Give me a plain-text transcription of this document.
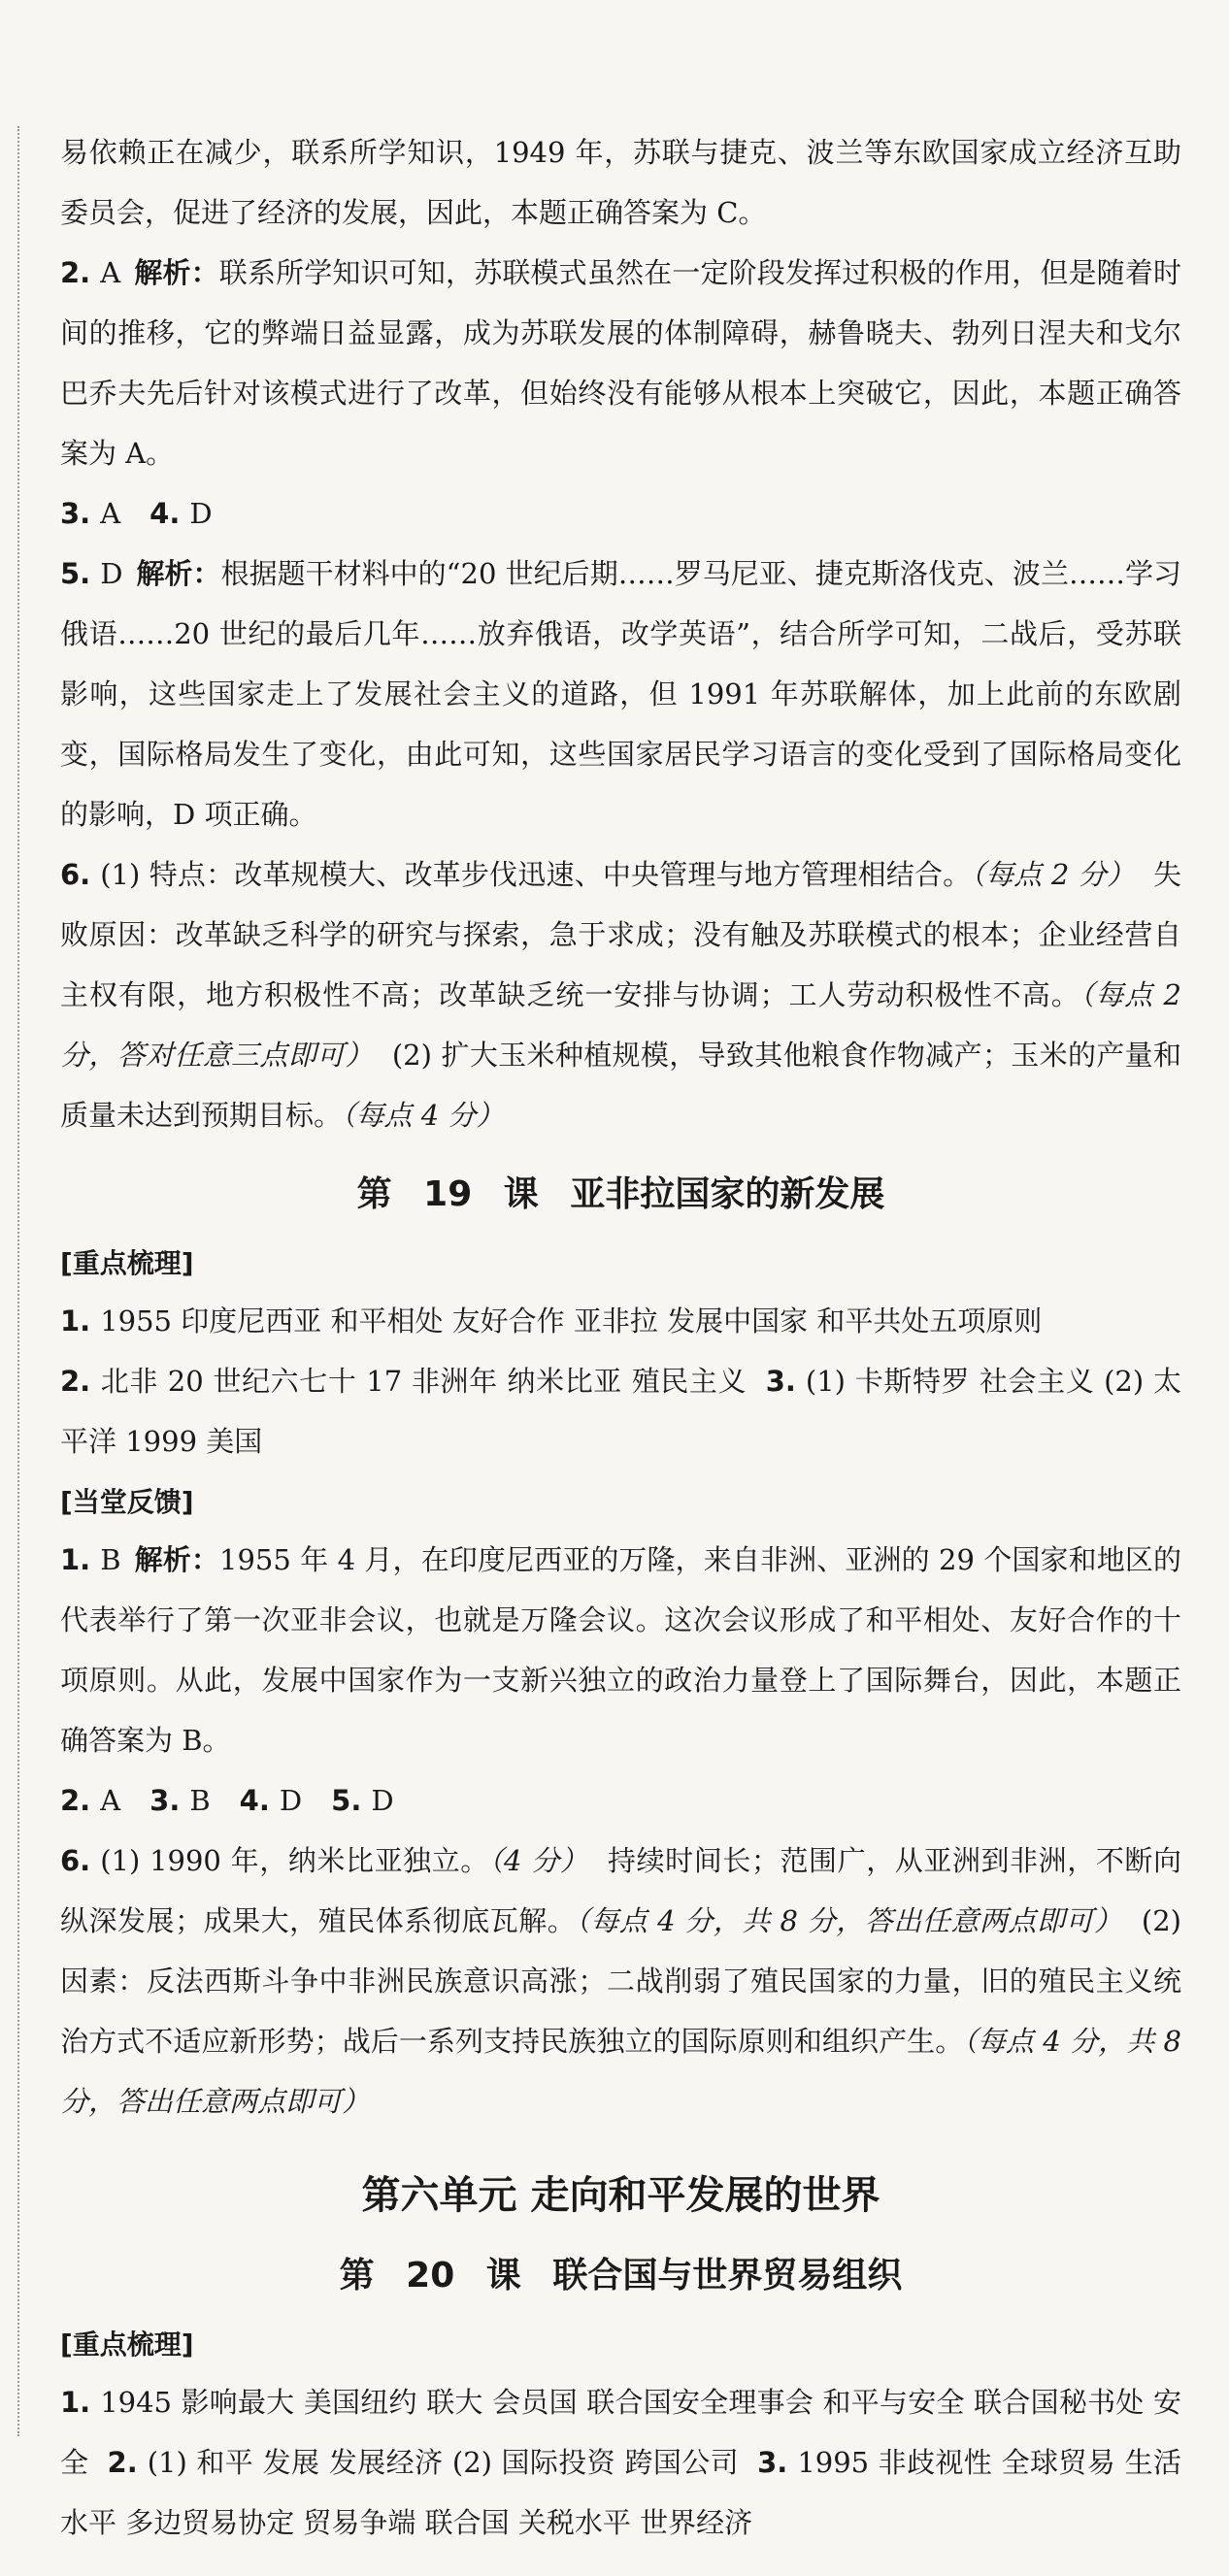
易依赖正在减少，联系所学知识，1949 年，苏联与捷克、波兰等东欧国家成立经济互助委员会，促进了经济的发展，因此，本题正确答案为 C。

2. A 解析：联系所学知识可知，苏联模式虽然在一定阶段发挥过积极的作用，但是随着时间的推移，它的弊端日益显露，成为苏联发展的体制障碍，赫鲁晓夫、勃列日涅夫和戈尔巴乔夫先后针对该模式进行了改革，但始终没有能够从根本上突破它，因此，本题正确答案为 A。

3. A 4. D

5. D 解析：根据题干材料中的“20 世纪后期……罗马尼亚、捷克斯洛伐克、波兰……学习俄语……20 世纪的最后几年……放弃俄语，改学英语”，结合所学可知，二战后，受苏联影响，这些国家走上了发展社会主义的道路，但 1991 年苏联解体，加上此前的东欧剧变，国际格局发生了变化，由此可知，这些国家居民学习语言的变化受到了国际格局变化的影响，D 项正确。

6. (1) 特点：改革规模大、改革步伐迅速、中央管理与地方管理相结合。（每点 2 分） 失败原因：改革缺乏科学的研究与探索，急于求成；没有触及苏联模式的根本；企业经营自主权有限，地方积极性不高；改革缺乏统一安排与协调；工人劳动积极性不高。（每点 2 分，答对任意三点即可） (2) 扩大玉米种植规模，导致其他粮食作物减产；玉米的产量和质量未达到预期目标。（每点 4 分）

第 19 课 亚非拉国家的新发展
[重点梳理]

1. 1955 印度尼西亚 和平相处 友好合作 亚非拉 发展中国家 和平共处五项原则

2. 北非 20 世纪六七十 17 非洲年 纳米比亚 殖民主义 3. (1) 卡斯特罗 社会主义 (2) 太平洋 1999 美国

[当堂反馈]

1. B 解析：1955 年 4 月，在印度尼西亚的万隆，来自非洲、亚洲的 29 个国家和地区的代表举行了第一次亚非会议，也就是万隆会议。这次会议形成了和平相处、友好合作的十项原则。从此，发展中国家作为一支新兴独立的政治力量登上了国际舞台，因此，本题正确答案为 B。

2. A 3. B 4. D 5. D

6. (1) 1990 年，纳米比亚独立。（4 分） 持续时间长；范围广，从亚洲到非洲，不断向纵深发展；成果大，殖民体系彻底瓦解。（每点 4 分，共 8 分，答出任意两点即可） (2) 因素：反法西斯斗争中非洲民族意识高涨；二战削弱了殖民国家的力量，旧的殖民主义统治方式不适应新形势；战后一系列支持民族独立的国际原则和组织产生。（每点 4 分，共 8 分，答出任意两点即可）

第六单元 走向和平发展的世界
第 20 课 联合国与世界贸易组织
[重点梳理]

1. 1945 影响最大 美国纽约 联大 会员国 联合国安全理事会 和平与安全 联合国秘书处 安全 2. (1) 和平 发展 发展经济 (2) 国际投资 跨国公司 3. 1995 非歧视性 全球贸易 生活水平 多边贸易协定 贸易争端 联合国 关税水平 世界经济
